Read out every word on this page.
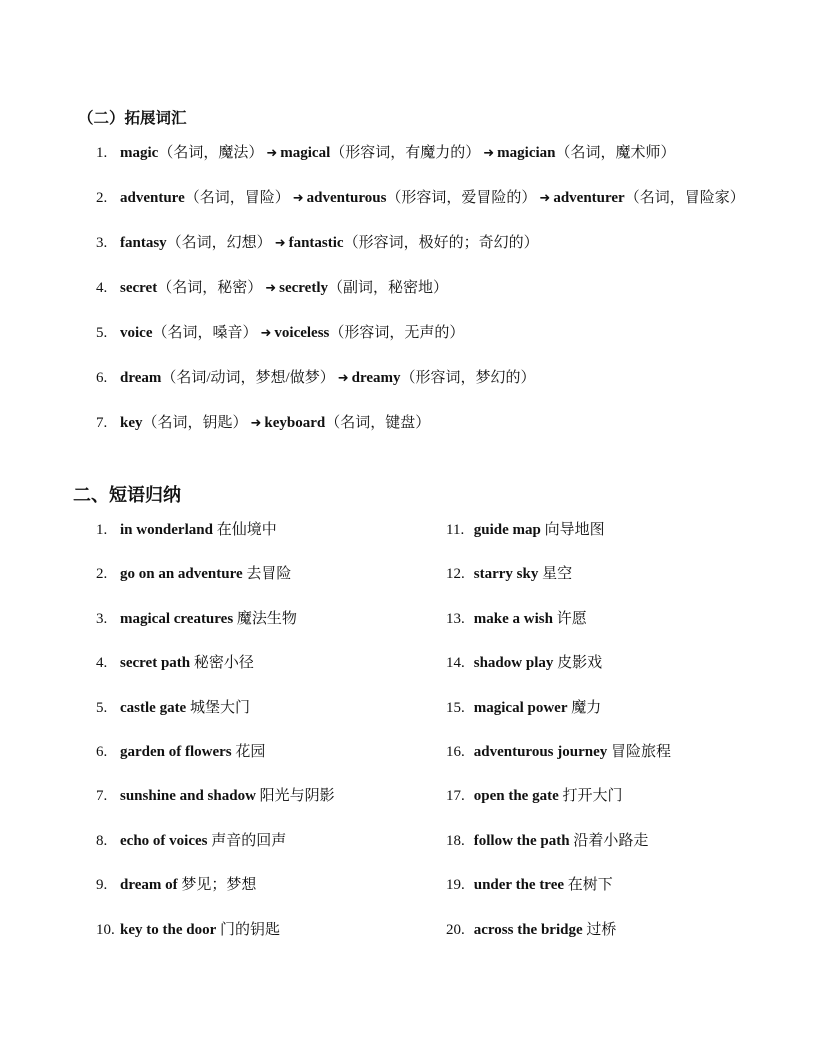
（二）拓展词汇
1. magic（名词，魔法） ➜ magical（形容词，有魔力的） ➜ magician（名词，魔术师）
2. adventure（名词，冒险） ➜ adventurous（形容词，爱冒险的） ➜ adventurer（名词，冒险家）
3. fantasy（名词，幻想） ➜ fantastic（形容词，极好的；奇幻的）
4. secret（名词，秘密） ➜ secretly（副词，秘密地）
5. voice（名词，嗓音） ➜ voiceless（形容词，无声的）
6. dream（名词/动词，梦想/做梦） ➜ dreamy（形容词，梦幻的）
7. key（名词，钥匙） ➜ keyboard（名词，键盘）
二、短语归纳
1. in wonderland 在仙境中
2. go on an adventure 去冒险
3. magical creatures 魔法生物
4. secret path 秘密小径
5. castle gate 城堡大门
6. garden of flowers 花园
7. sunshine and shadow 阳光与阴影
8. echo of voices 声音的回声
9. dream of 梦见；梦想
10. key to the door 门的钥匙
11. guide map 向导地图
12. starry sky 星空
13. make a wish 许愿
14. shadow play 皮影戏
15. magical power 魔力
16. adventurous journey 冒险旅程
17. open the gate 打开大门
18. follow the path 沿着小路走
19. under the tree 在树下
20. across the bridge 过桥
